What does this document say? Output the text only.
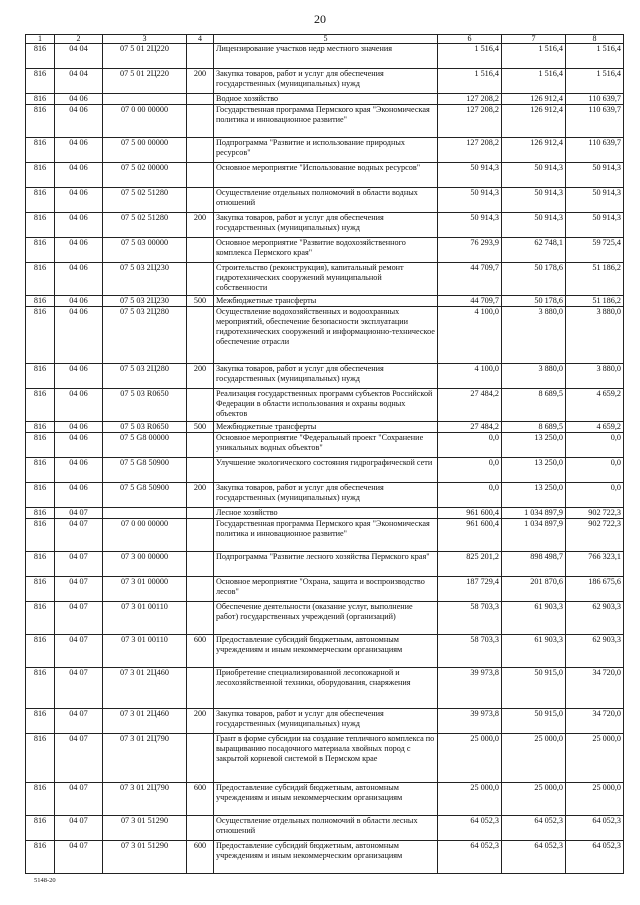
20
1	2	3	4	5	6	7	8
816	04 04	07 5 01 2Ц220		Лицензирование участков недр местного значения	1 516,4	1 516,4	1 516,4
816	04 04	07 5 01 2Ц220	200	Закупка товаров, работ и услуг для обеспечения государственных (муниципальных) нужд	1 516,4	1 516,4	1 516,4
816	04 06			Водное хозяйство	127 208,2	126 912,4	110 639,7
816	04 06	07 0 00 00000		Государственная программа Пермского края "Экономическая политика и инновационное развитие"	127 208,2	126 912,4	110 639,7
816	04 06	07 5 00 00000		Подпрограмма "Развитие и использование природных ресурсов"	127 208,2	126 912,4	110 639,7
816	04 06	07 5 02 00000		Основное мероприятие "Использование водных ресурсов"	50 914,3	50 914,3	50 914,3
816	04 06	07 5 02 51280		Осуществление отдельных полномочий в области водных отношений	50 914,3	50 914,3	50 914,3
816	04 06	07 5 02 51280	200	Закупка товаров, работ и услуг для обеспечения государственных (муниципальных) нужд	50 914,3	50 914,3	50 914,3
816	04 06	07 5 03 00000		Основное мероприятие "Развитие водохозяйственного комплекса Пермского края"	76 293,9	62 748,1	59 725,4
816	04 06	07 5 03 2Ц230		Строительство (реконструкция), капитальный ремонт гидротехнических сооружений муниципальной собственности	44 709,7	50 178,6	51 186,2
816	04 06	07 5 03 2Ц230	500	Межбюджетные трансферты	44 709,7	50 178,6	51 186,2
816	04 06	07 5 03 2Ц280		Осуществление водохозяйственных и водоохранных мероприятий, обеспечение безопасности эксплуатации гидротехнических сооружений и информационно-техническое обеспечение отрасли	4 100,0	3 880,0	3 880,0
816	04 06	07 5 03 2Ц280	200	Закупка товаров, работ и услуг для обеспечения государственных (муниципальных) нужд	4 100,0	3 880,0	3 880,0
816	04 06	07 5 03 R0650		Реализация государственных программ субъектов Российской Федерации в области использования и охраны водных объектов	27 484,2	8 689,5	4 659,2
816	04 06	07 5 03 R0650	500	Межбюджетные трансферты	27 484,2	8 689,5	4 659,2
816	04 06	07 5 G8 00000		Основное мероприятие "Федеральный проект "Сохранение уникальных водных объектов"	0,0	13 250,0	0,0
816	04 06	07 5 G8 50900		Улучшение экологического состояния гидрографической сети	0,0	13 250,0	0,0
816	04 06	07 5 G8 50900	200	Закупка товаров, работ и услуг для обеспечения государственных (муниципальных) нужд	0,0	13 250,0	0,0
816	04 07			Лесное хозяйство	961 600,4	1 034 897,9	902 722,3
816	04 07	07 0 00 00000		Государственная программа Пермского края "Экономическая политика и инновационное развитие"	961 600,4	1 034 897,9	902 722,3
816	04 07	07 3 00 00000		Подпрограмма "Развитие лесного хозяйства Пермского края"	825 201,2	898 498,7	766 323,1
816	04 07	07 3 01 00000		Основное мероприятие "Охрана, защита и воспроизводство лесов"	187 729,4	201 870,6	186 675,6
816	04 07	07 3 01 00110		Обеспечение деятельности (оказание услуг, выполнение работ) государственных учреждений (организаций)	58 703,3	61 903,3	62 903,3
816	04 07	07 3 01 00110	600	Предоставление субсидий бюджетным, автономным учреждениям и иным некоммерческим организациям	58 703,3	61 903,3	62 903,3
816	04 07	07 3 01 2Ц460		Приобретение специализированной лесопожарной и лесохозяйственной техники, оборудования, снаряжения	39 973,8	50 915,0	34 720,0
816	04 07	07 3 01 2Ц460	200	Закупка товаров, работ и услуг для обеспечения государственных (муниципальных) нужд	39 973,8	50 915,0	34 720,0
816	04 07	07 3 01 2Ц790		Грант в форме субсидии на создание тепличного комплекса по выращиванию посадочного материала хвойных пород с закрытой корневой системой в Пермском крае	25 000,0	25 000,0	25 000,0
816	04 07	07 3 01 2Ц790	600	Предоставление субсидий бюджетным, автономным учреждениям и иным некоммерческим организациям	25 000,0	25 000,0	25 000,0
816	04 07	07 3 01 51290		Осуществление отдельных полномочий в области лесных отношений	64 052,3	64 052,3	64 052,3
816	04 07	07 3 01 51290	600	Предоставление субсидий бюджетным, автономным учреждениям и иным некоммерческим организациям	64 052,3	64 052,3	64 052,3
5148-20
